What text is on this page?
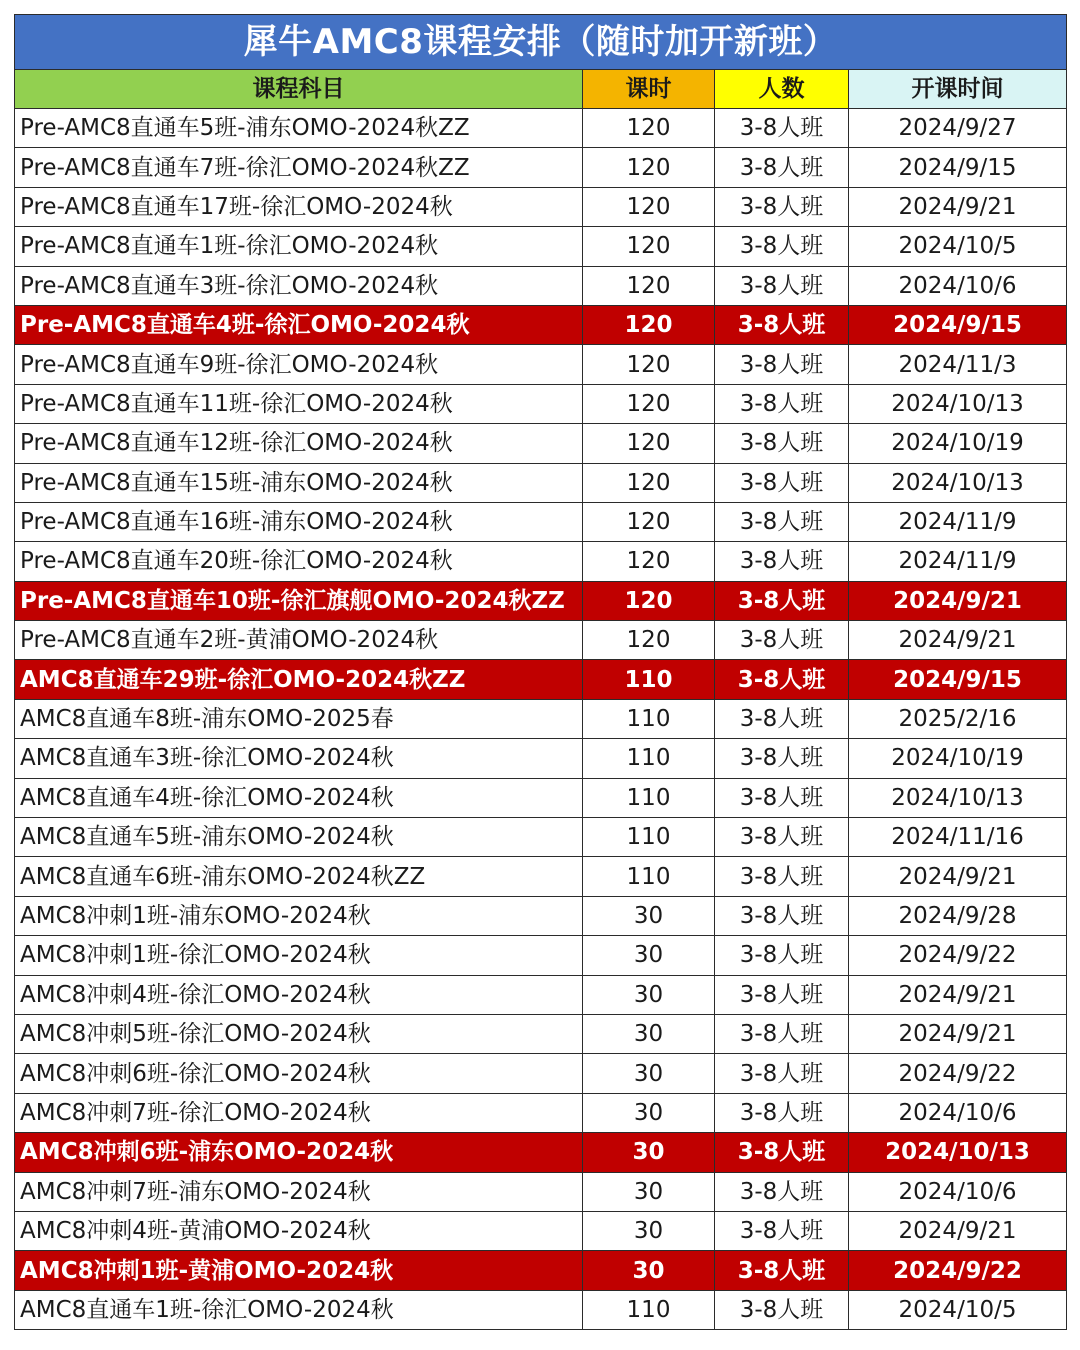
犀牛AMC8课程安排（随时加开新班）			
课程科目	课时	人数	开课时间
Pre-AMC8直通车5班-浦东OMO-2024秋ZZ	120	3-8人班	2024/9/27
Pre-AMC8直通车7班-徐汇OMO-2024秋ZZ	120	3-8人班	2024/9/15
Pre-AMC8直通车17班-徐汇OMO-2024秋	120	3-8人班	2024/9/21
Pre-AMC8直通车1班-徐汇OMO-2024秋	120	3-8人班	2024/10/5
Pre-AMC8直通车3班-徐汇OMO-2024秋	120	3-8人班	2024/10/6
Pre-AMC8直通车4班-徐汇OMO-2024秋	120	3-8人班	2024/9/15
Pre-AMC8直通车9班-徐汇OMO-2024秋	120	3-8人班	2024/11/3
Pre-AMC8直通车11班-徐汇OMO-2024秋	120	3-8人班	2024/10/13
Pre-AMC8直通车12班-徐汇OMO-2024秋	120	3-8人班	2024/10/19
Pre-AMC8直通车15班-浦东OMO-2024秋	120	3-8人班	2024/10/13
Pre-AMC8直通车16班-浦东OMO-2024秋	120	3-8人班	2024/11/9
Pre-AMC8直通车20班-徐汇OMO-2024秋	120	3-8人班	2024/11/9
Pre-AMC8直通车10班-徐汇旗舰OMO-2024秋ZZ	120	3-8人班	2024/9/21
Pre-AMC8直通车2班-黄浦OMO-2024秋	120	3-8人班	2024/9/21
AMC8直通车29班-徐汇OMO-2024秋ZZ	110	3-8人班	2024/9/15
AMC8直通车8班-浦东OMO-2025春	110	3-8人班	2025/2/16
AMC8直通车3班-徐汇OMO-2024秋	110	3-8人班	2024/10/19
AMC8直通车4班-徐汇OMO-2024秋	110	3-8人班	2024/10/13
AMC8直通车5班-浦东OMO-2024秋	110	3-8人班	2024/11/16
AMC8直通车6班-浦东OMO-2024秋ZZ	110	3-8人班	2024/9/21
AMC8冲刺1班-浦东OMO-2024秋	30	3-8人班	2024/9/28
AMC8冲刺1班-徐汇OMO-2024秋	30	3-8人班	2024/9/22
AMC8冲刺4班-徐汇OMO-2024秋	30	3-8人班	2024/9/21
AMC8冲刺5班-徐汇OMO-2024秋	30	3-8人班	2024/9/21
AMC8冲刺6班-徐汇OMO-2024秋	30	3-8人班	2024/9/22
AMC8冲刺7班-徐汇OMO-2024秋	30	3-8人班	2024/10/6
AMC8冲刺6班-浦东OMO-2024秋	30	3-8人班	2024/10/13
AMC8冲刺7班-浦东OMO-2024秋	30	3-8人班	2024/10/6
AMC8冲刺4班-黄浦OMO-2024秋	30	3-8人班	2024/9/21
AMC8冲刺1班-黄浦OMO-2024秋	30	3-8人班	2024/9/22
AMC8直通车1班-徐汇OMO-2024秋	110	3-8人班	2024/10/5
